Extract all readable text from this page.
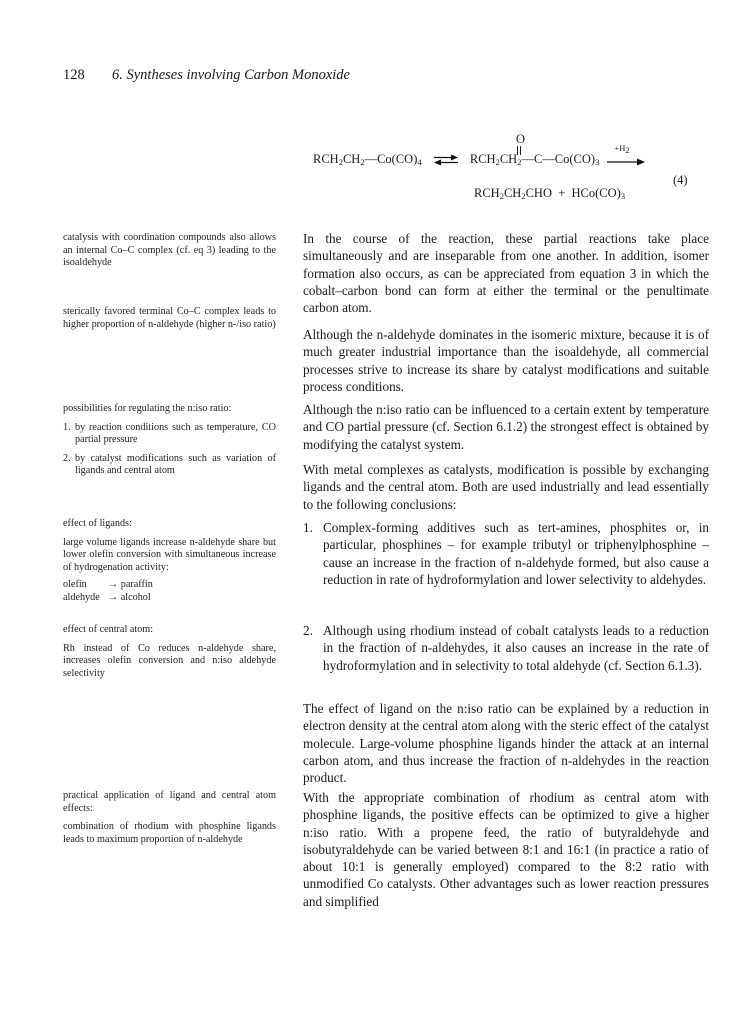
128 6. Syntheses involving Carbon Monoxide
O
$RCH_2CH_2—Co(CO)_4$ ⇌ $RCH_2CH_2—C—Co(CO)_3$
$+H_2$
$RCH_2CH_2CHO + HCo(CO)_3$
(4)

catalysis with coordination compounds also allows an internal Co–C complex (cf. eq 3) leading to the isoaldehyde

sterically favored terminal Co–C complex leads to higher proportion of n-aldehyde (higher n-/iso ratio)

possibilities for regulating the n:iso ratio:

1. by reaction conditions such as temperature, CO partial pressure
2. by catalyst modifications such as variation of ligands and central atom

effect of ligands:

large volume ligands increase n-aldehyde share but lower olefin conversion with simultaneous increase of hydrogenation activity:

olefin	→
paraffin
aldehyde →
alcohol

effect of central atom:

Rh instead of Co reduces n-aldehyde share, increases olefin conversion and n:iso aldehyde selectivity

practical application of ligand and central atom effects:

combination of rhodium with phosphine ligands leads to maximum proportion of n-aldehyde

In the course of the reaction, these partial reactions take place simultaneously and are inseparable from one another. In addition, isomer formation also occurs, as can be appreciated from equation 3 in which the cobalt–carbon bond can form at either the terminal or the penultimate carbon atom.

Although the n-aldehyde dominates in the isomeric mixture, because it is of much greater industrial importance than the isoaldehyde, all commercial processes strive to increase its share by catalyst modifications and suitable process conditions.

Although the n:iso ratio can be influenced to a certain extent by temperature and CO partial pressure (cf. Section 6.1.2) the strongest effect is obtained by modifying the catalyst system.

With metal complexes as catalysts, modification is possible by exchanging ligands and the central atom. Both are used industrially and lead essentially to the following conclusions:

1. Complex-forming additives such as tert-amines, phosphites or, in particular, phosphines – for example tributyl or triphenylphosphine – cause an increase in the fraction of n-aldehyde formed, but also cause a reduction in rate of hydroformylation and lower selectivity to aldehydes.
2. Although using rhodium instead of cobalt catalysts leads to a reduction in the fraction of n-aldehydes, it also causes an increase in the rate of hydroformylation and in selectivity to total aldehyde (cf. Section 6.1.3).

The effect of ligand on the n:iso ratio can be explained by a reduction in electron density at the central atom along with the steric effect of the catalyst molecule. Large-volume phosphine ligands hinder the attack at an internal carbon atom, and thus increase the fraction of n-aldehydes in the reaction product.

With the appropriate combination of rhodium as central atom with phosphine ligands, the positive effects can be optimized to give a higher n:iso ratio. With a propene feed, the ratio of butyraldehyde and isobutyraldehyde can be varied between 8:1 and 16:1 (in practice a ratio of about 10:1 is generally employed) compared to the 8:2 ratio with unmodified Co catalysts. Other advantages such as lower reaction pressures and simplified
